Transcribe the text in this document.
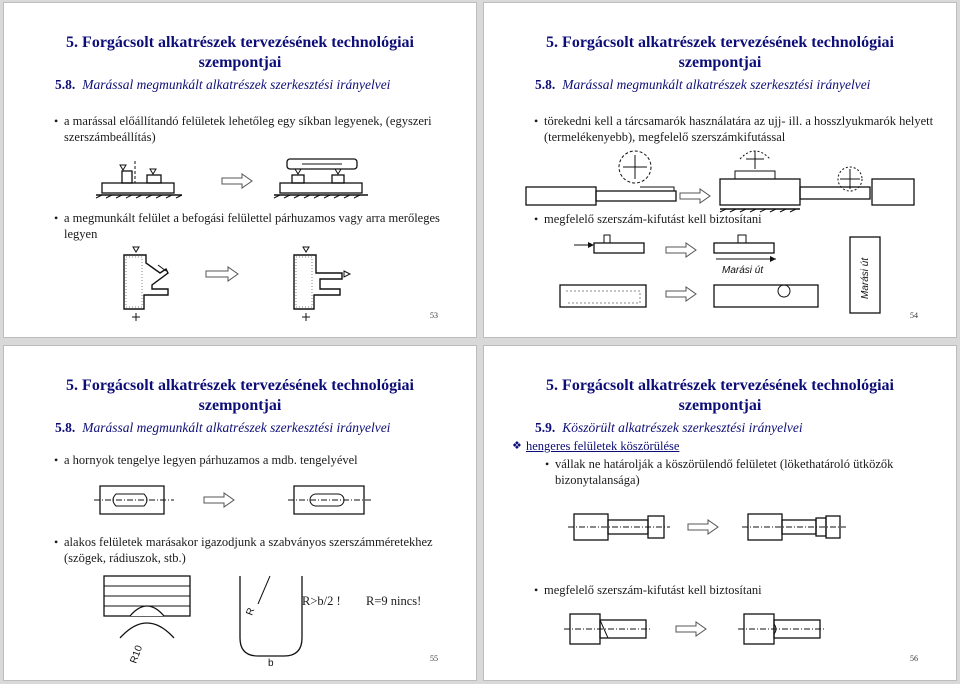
5. Forgácsolt alkatrészek tervezésének technológiai
szempontjai
5.8. Marással megmunkált alkatrészek szerkesztési irányelvei
• a marással előállítandó felületek lehetőleg egy síkban legyenek, (egyszeri szerszámbeállítás)
• a megmunkált felület a befogási felülettel párhuzamos vagy arra merőleges legyen
53
5. Forgácsolt alkatrészek tervezésének technológiai
szempontjai
5.8. Marással megmunkált alkatrészek szerkesztési irányelvei
• törekedni kell a tárcsamarók használatára az ujj- ill. a hosszlyukmarók helyett (termelékenyebb), megfelelő szerszámkifutással
• megfelelő szerszám-kifutást kell biztosítani
Marási út	Marási út
54
5. Forgácsolt alkatrészek tervezésének technológiai
szempontjai
5.8. Marással megmunkált alkatrészek szerkesztési irányelvei
• a hornyok tengelye legyen párhuzamos a mdb. tengelyével
• alakos felületek marásakor igazodjunk a szabványos szerszámméretekhez (szögek, rádiuszok, stb.)
R10
R
b
R>b/2 ! R=9 nincs!
55
5. Forgácsolt alkatrészek tervezésének technológiai
szempontjai
5.9. Köszörült alkatrészek szerkesztési irányelvei
❖ hengeres felületek köszörülése
• vállak ne határolják a köszörülendő felületet (lökethatároló ütközők bizonytalansága)
• megfelelő szerszám-kifutást kell biztosítani
56
